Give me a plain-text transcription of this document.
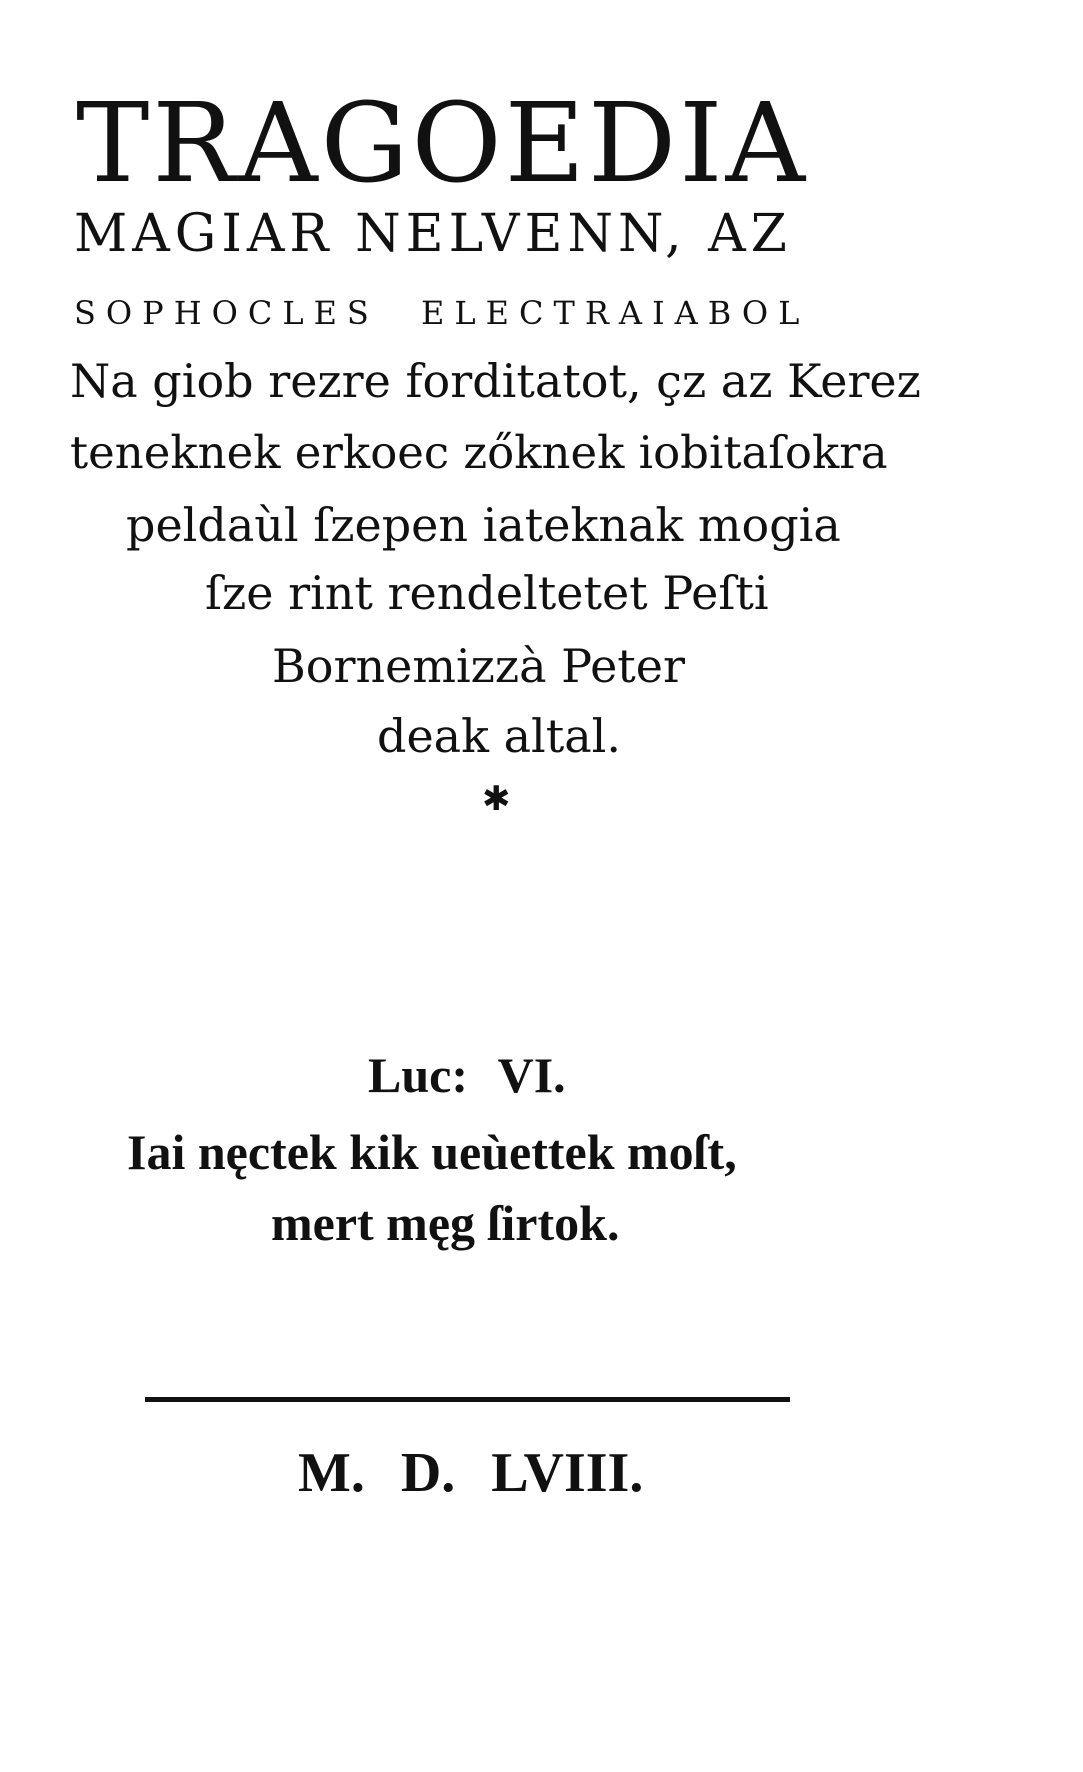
TRAGOEDIA
MAGIAR NELVENN, AZ
SOPHOCLES ELECTRAIABOL
Na giob rezre forditatot, çz az Kerez
teneknek erkoec zőknek iobitaſokra
peldaùl ſzepen iateknak mogia
ſze rint rendeltetet Peſti
Bornemizzà Peter
deak altal.
✱
Luc: VI.
Iai nęctek kik ueùettek moſt,
mert męg ſirtok.
M. D. LVIII.
